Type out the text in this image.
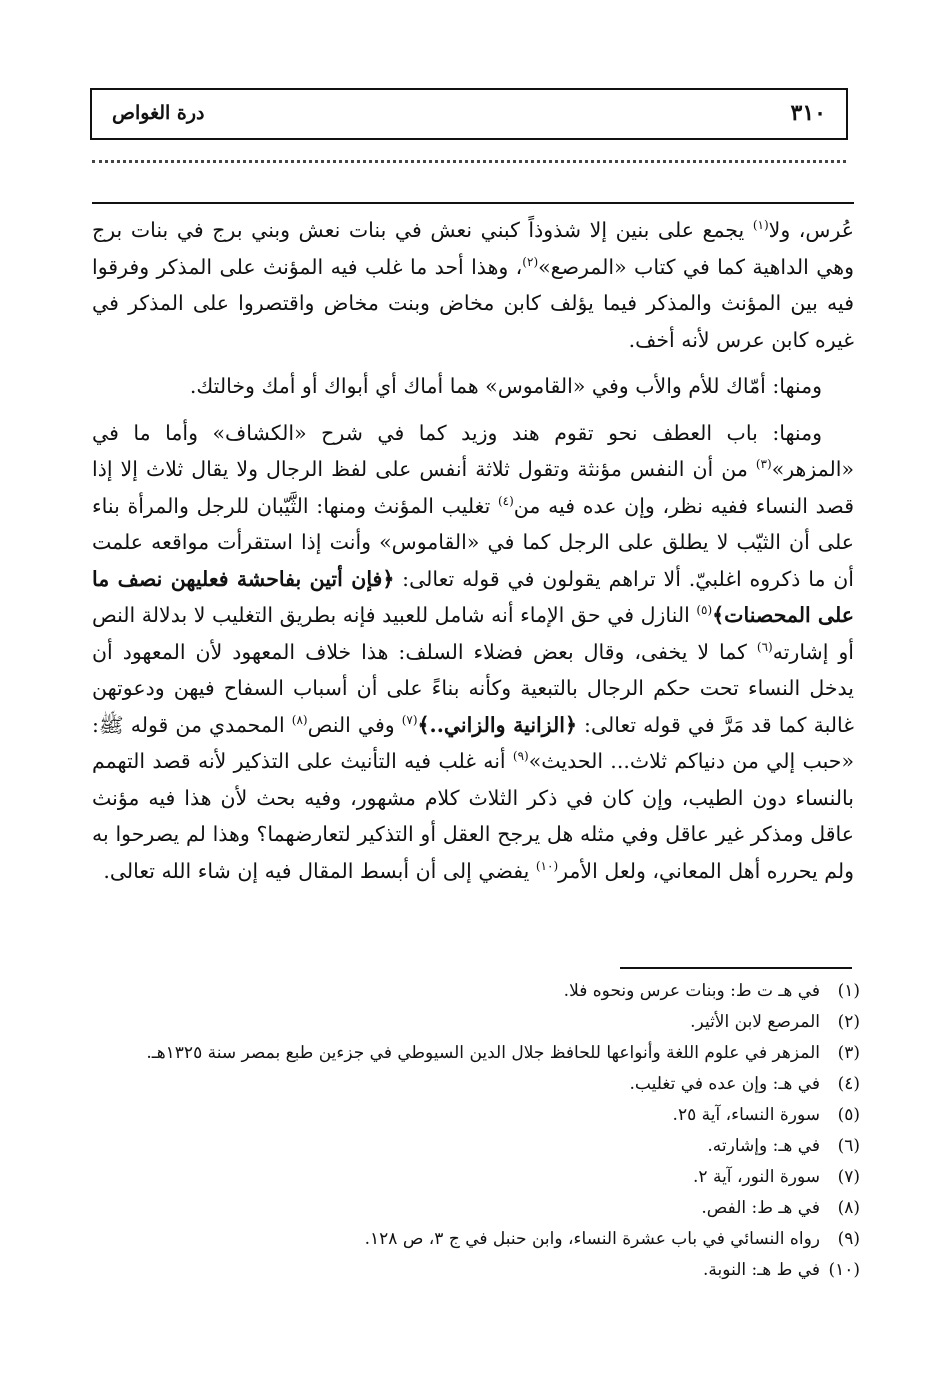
٣١٠
درة الغواص

عُرس، ولا$^{(١)}$ يجمع على بنين إلا شذوذاً كبني نعش في بنات نعش وبني برج في بنات برج وهي الداهية كما في كتاب «المرصع»$^{(٢)}$، وهذا أحد ما غلب فيه المؤنث على المذكر وفرقوا فيه بين المؤنث والمذكر فيما يؤلف كابن مخاض وبنت مخاض واقتصروا على المذكر في غيره كابن عرس لأنه أخف.

ومنها: أمّاك للأم والأب وفي «القاموس» هما أماك أي أبواك أو أمك وخالتك.

ومنها: باب العطف نحو تقوم هند وزيد كما في شرح «الكشاف» وأما ما في «المزهر»$^{(٣)}$ من أن النفس مؤنثة وتقول ثلاثة أنفس على لفظ الرجال ولا يقال ثلاث إلا إذا قصد النساء ففيه نظر، وإن عده فيه من$^{(٤)}$ تغليب المؤنث ومنها: الثَّيّبان للرجل والمرأة بناء على أن الثيّب لا يطلق على الرجل كما في «القاموس» وأنت إذا استقرأت مواقعه علمت أن ما ذكروه اغلبيّ. ألا تراهم يقولون في قوله تعالى: ﴿فإن أتين بفاحشة فعليهن نصف ما على المحصنات﴾$^{(٥)}$ النازل في حق الإماء أنه شامل للعبيد فإنه بطريق التغليب لا بدلالة النص أو إشارته$^{(٦)}$ كما لا يخفى، وقال بعض فضلاء السلف: هذا خلاف المعهود لأن المعهود أن يدخل النساء تحت حكم الرجال بالتبعية وكأنه بناءً على أن أسباب السفاح فيهن ودعوتهن غالبة كما قد مَرَّ في قوله تعالى: ﴿الزانية والزاني..﴾$^{(٧)}$ وفي النص$^{(٨)}$ المحمدي من قوله ﷺ: «حبب إلي من دنياكم ثلاث... الحديث»$^{(٩)}$ أنه غلب فيه التأنيث على التذكير لأنه قصد التهمم بالنساء دون الطيب، وإن كان في ذكر الثلاث كلام مشهور، وفيه بحث لأن هذا فيه مؤنث عاقل ومذكر غير عاقل وفي مثله هل يرجح العقل أو التذكير لتعارضهما؟ وهذا لم يصرحوا به ولم يحرره أهل المعاني، ولعل الأمر$^{(١٠)}$ يفضي إلى أن أبسط المقال فيه إن شاء الله تعالى.

(١)
في هـ ت ط: وبنات عرس ونحوه فلا.
(٢)
المرصع لابن الأثير.
(٣)
المزهر في علوم اللغة وأنواعها للحافظ جلال الدين السيوطي في جزءين طبع بمصر سنة ١٣٢٥هـ.
(٤)
في هـ: وإن عده في تغليب.
(٥)
سورة النساء، آية ٢٥.
(٦)
في هـ: وإشارته.
(٧)
سورة النور، آية ٢.
(٨)
في هـ ط: الفص.
(٩)
رواه النسائي في باب عشرة النساء، وابن حنبل في ج ٣، ص ١٢٨.
(١٠)
في ط هـ: النوبة.
